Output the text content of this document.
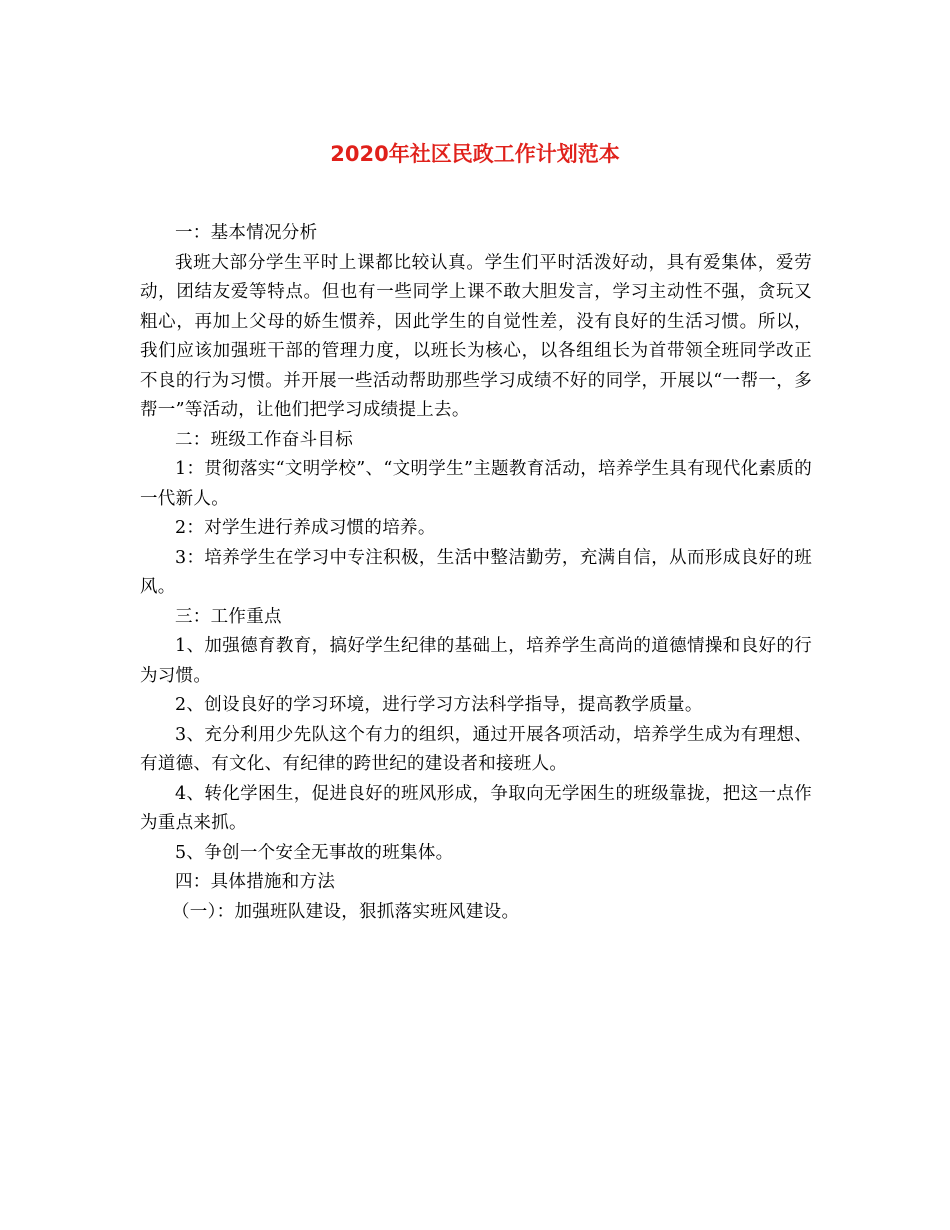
2020年社区民政工作计划范本

一：基本情况分析

我班大部分学生平时上课都比较认真。学生们平时活泼好动，具有爱集体，爱劳动，团结友爱等特点。但也有一些同学上课不敢大胆发言，学习主动性不强，贪玩又粗心，再加上父母的娇生惯养，因此学生的自觉性差，没有良好的生活习惯。所以，我们应该加强班干部的管理力度，以班长为核心，以各组组长为首带领全班同学改正不良的行为习惯。并开展一些活动帮助那些学习成绩不好的同学，开展以“一帮一，多帮一”等活动，让他们把学习成绩提上去。

二：班级工作奋斗目标

1：贯彻落实“文明学校”、“文明学生”主题教育活动，培养学生具有现代化素质的一代新人。

2：对学生进行养成习惯的培养。

3：培养学生在学习中专注积极，生活中整洁勤劳，充满自信，从而形成良好的班风。

三：工作重点

1、加强德育教育，搞好学生纪律的基础上，培养学生高尚的道德情操和良好的行为习惯。

2、创设良好的学习环境，进行学习方法科学指导，提高教学质量。

3、充分利用少先队这个有力的组织，通过开展各项活动，培养学生成为有理想、有道德、有文化、有纪律的跨世纪的建设者和接班人。

4、转化学困生，促进良好的班风形成，争取向无学困生的班级靠拢，把这一点作为重点来抓。

5、争创一个安全无事故的班集体。

四：具体措施和方法

（一）：加强班队建设，狠抓落实班风建设。
